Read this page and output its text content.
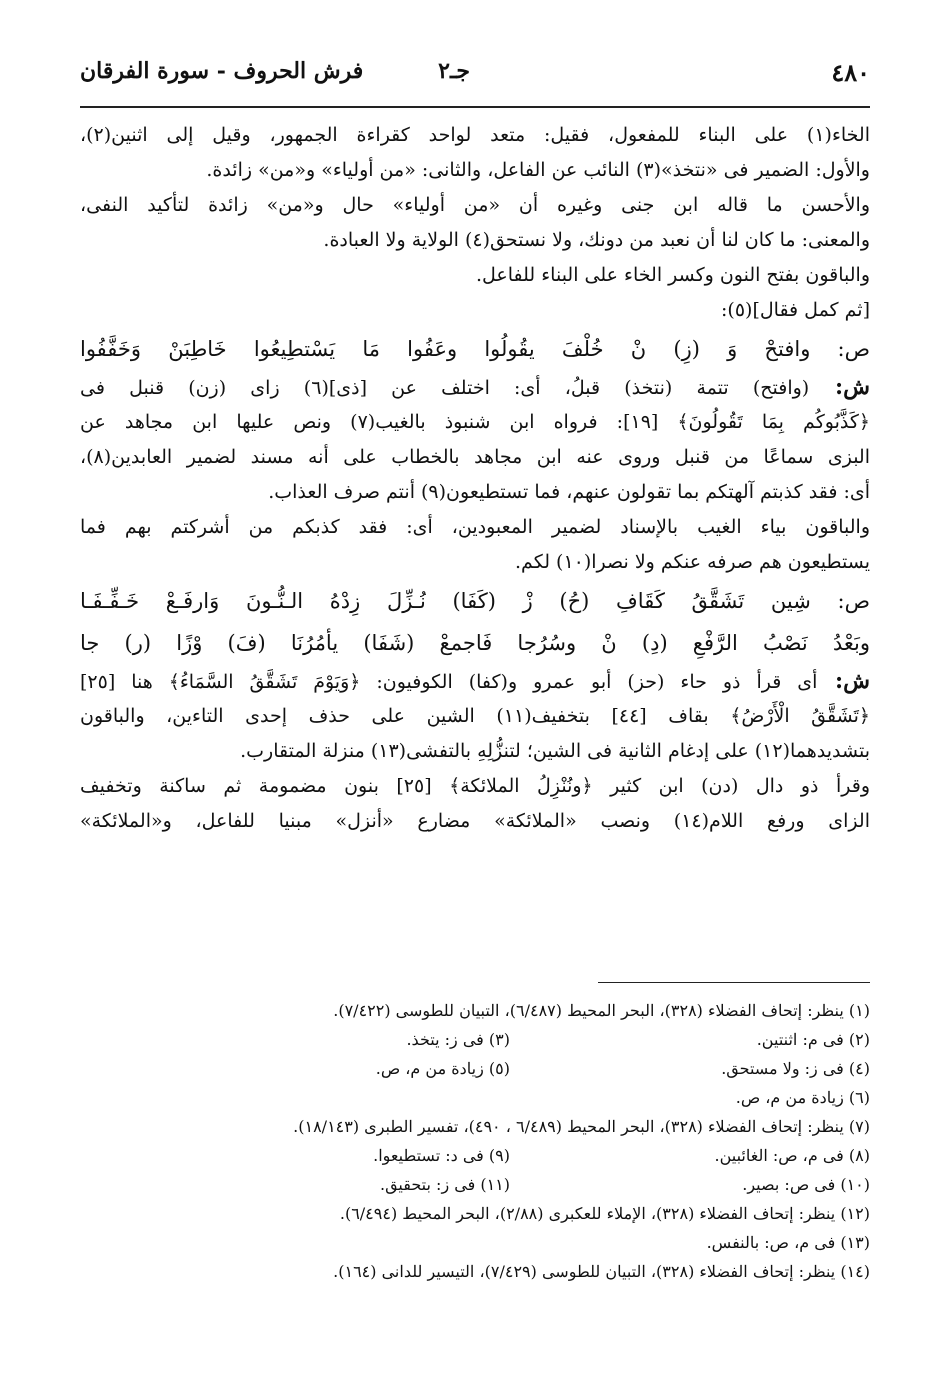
٤٨٠
جـ٢
فرش الحروف - سورة الفرقان
الخاء(١) على البناء للمفعول، فقيل: متعد لواحد كقراءة الجمهور، وقيل إلى اثنين(٢)،
والأول: الضمير فى «نتخذ»(٣) النائب عن الفاعل، والثانى: «من أولياء» و«من» زائدة.
والأحسن ما قاله ابن جنى وغيره أن «من أولياء» حال و«من» زائدة لتأكيد النفى،
والمعنى: ما كان لنا أن نعبد من دونك، ولا نستحق(٤) الولاية ولا العبادة.
والباقون بفتح النون وكسر الخاء على البناء للفاعل.
[ثم كمل فقال](٥):
ص: وافتحْ وَ (زِ) نْ خُلْفَ يقُولُوا وعَفُوا مَا يَسْتطِيعُوا خَاطِبَنْ وَخَفَّفُوا
ش: (وافتح) تتمة (نتخذ) قبلُ، أى: اختلف عن [ذى](٦) زاى (زن) قنبل فى
﴿كَذَّبُوكُم بِمَا تَقُولُونَ﴾ [١٩]: فرواه ابن شنبوذ بالغيب(٧) ونص عليها ابن مجاهد عن
البزى سماعًا من قنبل وروى عنه ابن مجاهد بالخطاب على أنه مسند لضمير العابدين(٨)،
أى: فقد كذبتم آلهتكم بما تقولون عنهم، فما تستطيعون(٩) أنتم صرف العذاب.
والباقون بياء الغيب بالإسناد لضمير المعبودين، أى: فقد كذبكم من أشركتم بهم فما
يستطيعون هم صرفه عنكم ولا نصرا(١٠) لكم.
ص: شِين تَشَقَّقُ كَقَافِ (حُ) زْ (كَفَا) نُـزِّلَ زِدْهُ الـنُّـونَ وَارفَـعْ خَـفِّـفَـا
وبَعْدُ نَصْبُ الرَّفْعِ (دِ) نْ وسُرُجا فَاجمعْ (شَفَا) يأمُرُنَا (فَ) وْزًا (ر) جا
ش: أى قرأ ذو حاء (حز) أبو عمرو و(كفا) الكوفيون: ﴿وَيَوْمَ تَشَقَّقُ السَّمَاءُ﴾ هنا [٢٥]
﴿تَشَقَّقُ الْأَرْضُ﴾ بقاف [٤٤] بتخفيف(١١) الشين على حذف إحدى التاءين، والباقون
بتشديدهما(١٢) على إدغام الثانية فى الشين؛ لتنزُّلِهِ بالتفشى(١٣) منزلة المتقارب.
وقرأ ذو دال (دن) ابن كثير ﴿ونُنْزِلُ الملائكة﴾ [٢٥] بنون مضمومة ثم ساكنة وتخفيف
الزاى ورفع اللام(١٤) ونصب «الملائكة» مضارع «أنزل» مبنيا للفاعل، و«الملائكة»
(١) ينظر: إتحاف الفضلاء (٣٢٨)، البحر المحيط (٦/٤٨٧)، التبيان للطوسى (٧/٤٢٢).
(٢) فى م: اثنتين.
(٣) فى ز: يتخذ.
(٤) فى ز: ولا مستحق.
(٥) زيادة من م، ص.
(٦) زيادة من م، ص.
(٧) ينظر: إتحاف الفضلاء (٣٢٨)، البحر المحيط (٦/٤٨٩ ، ٤٩٠)، تفسير الطبرى (١٨/١٤٣).
(٨) فى م، ص: الغائبين.
(٩) فى د: تستطيعوا.
(١٠) فى ص: بصير.
(١١) فى ز: بتحقيق.
(١٢) ينظر: إتحاف الفضلاء (٣٢٨)، الإملاء للعكبرى (٢/٨٨)، البحر المحيط (٦/٤٩٤).
(١٣) فى م، ص: بالنفس.
(١٤) ينظر: إتحاف الفضلاء (٣٢٨)، التبيان للطوسى (٧/٤٢٩)، التيسير للدانى (١٦٤).
